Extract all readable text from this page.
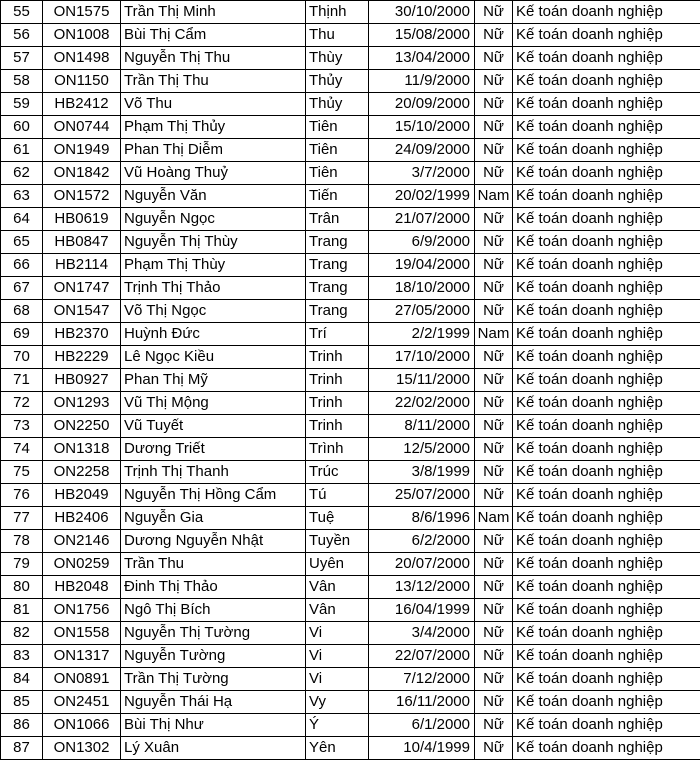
55	ON1575	Trần Thị Minh	Thịnh	30/10/2000	Nữ	Kế toán doanh nghiệp
56	ON1008	Bùi Thị Cẩm	Thu	15/08/2000	Nữ	Kế toán doanh nghiệp
57	ON1498	Nguyễn Thị Thu	Thùy	13/04/2000	Nữ	Kế toán doanh nghiệp
58	ON1150	Trần Thị Thu	Thủy	11/9/2000	Nữ	Kế toán doanh nghiệp
59	HB2412	Võ Thu	Thủy	20/09/2000	Nữ	Kế toán doanh nghiệp
60	ON0744	Phạm Thị Thủy	Tiên	15/10/2000	Nữ	Kế toán doanh nghiệp
61	ON1949	Phan Thị Diễm	Tiên	24/09/2000	Nữ	Kế toán doanh nghiệp
62	ON1842	Vũ Hoàng Thuỷ	Tiên	3/7/2000	Nữ	Kế toán doanh nghiệp
63	ON1572	Nguyễn Văn	Tiến	20/02/1999	Nam	Kế toán doanh nghiệp
64	HB0619	Nguyễn Ngọc	Trân	21/07/2000	Nữ	Kế toán doanh nghiệp
65	HB0847	Nguyễn Thị Thùy	Trang	6/9/2000	Nữ	Kế toán doanh nghiệp
66	HB2114	Phạm Thị Thùy	Trang	19/04/2000	Nữ	Kế toán doanh nghiệp
67	ON1747	Trịnh Thị Thảo	Trang	18/10/2000	Nữ	Kế toán doanh nghiệp
68	ON1547	Võ Thị Ngọc	Trang	27/05/2000	Nữ	Kế toán doanh nghiệp
69	HB2370	Huỳnh Đức	Trí	2/2/1999	Nam	Kế toán doanh nghiệp
70	HB2229	Lê Ngọc Kiều	Trinh	17/10/2000	Nữ	Kế toán doanh nghiệp
71	HB0927	Phan Thị Mỹ	Trinh	15/11/2000	Nữ	Kế toán doanh nghiệp
72	ON1293	Vũ Thị Mộng	Trinh	22/02/2000	Nữ	Kế toán doanh nghiệp
73	ON2250	Vũ Tuyết	Trinh	8/11/2000	Nữ	Kế toán doanh nghiệp
74	ON1318	Dương Triết	Trình	12/5/2000	Nữ	Kế toán doanh nghiệp
75	ON2258	Trịnh Thị Thanh	Trúc	3/8/1999	Nữ	Kế toán doanh nghiệp
76	HB2049	Nguyễn Thị Hồng Cẩm	Tú	25/07/2000	Nữ	Kế toán doanh nghiệp
77	HB2406	Nguyễn Gia	Tuệ	8/6/1996	Nam	Kế toán doanh nghiệp
78	ON2146	Dương Nguyễn Nhật	Tuyền	6/2/2000	Nữ	Kế toán doanh nghiệp
79	ON0259	Trần Thu	Uyên	20/07/2000	Nữ	Kế toán doanh nghiệp
80	HB2048	Đinh Thị Thảo	Vân	13/12/2000	Nữ	Kế toán doanh nghiệp
81	ON1756	Ngô Thị Bích	Vân	16/04/1999	Nữ	Kế toán doanh nghiệp
82	ON1558	Nguyễn Thị Tường	Vi	3/4/2000	Nữ	Kế toán doanh nghiệp
83	ON1317	Nguyễn Tường	Vi	22/07/2000	Nữ	Kế toán doanh nghiệp
84	ON0891	Trần Thị Tường	Vi	7/12/2000	Nữ	Kế toán doanh nghiệp
85	ON2451	Nguyễn Thái Hạ	Vy	16/11/2000	Nữ	Kế toán doanh nghiệp
86	ON1066	Bùi Thị Như	Ý	6/1/2000	Nữ	Kế toán doanh nghiệp
87	ON1302	Lý Xuân	Yên	10/4/1999	Nữ	Kế toán doanh nghiệp
